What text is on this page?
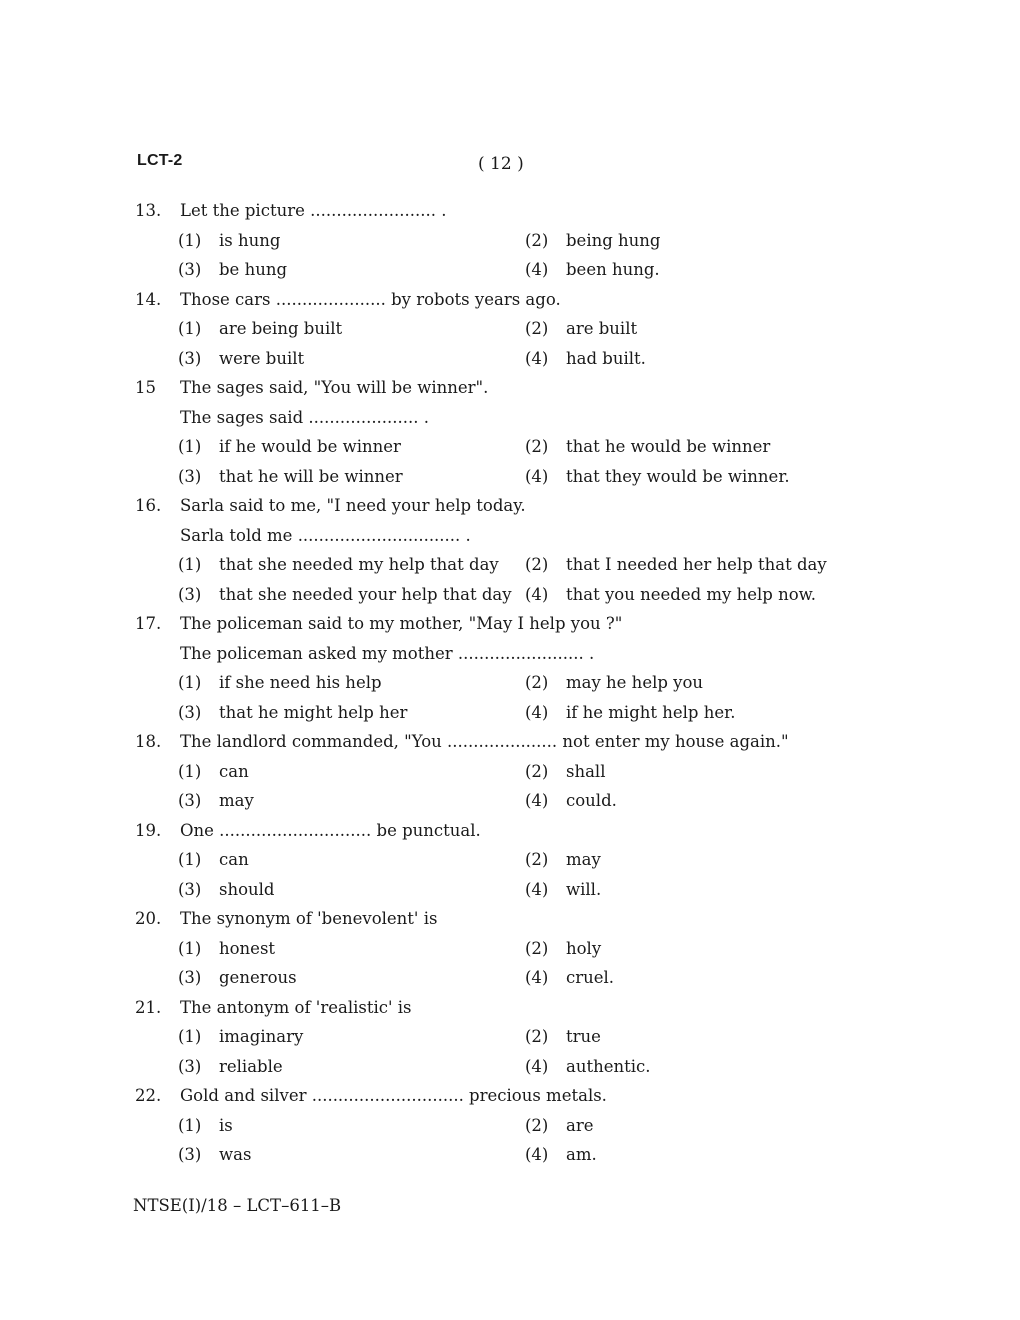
LCT-2	( 12 )
13.	Let the picture ........................ .
(1)	is hung	(2)	being hung
(3)	be hung	(4)	been hung.
14.	Those cars ..................... by robots years ago.
(1)	are being built	(2)	are built
(3)	were built	(4)	had built.
15	The sages said, "You will be winner".
The sages said ..................... .
(1)	if he would be winner	(2)	that he would be winner
(3)	that he will be winner	(4)	that they would be winner.
16.	Sarla said to me, "I need your help today.
Sarla told me ............................... .
(1)	that she needed my help that day (2)	that I needed her help that day
(3)	that she needed your help that day (4)	that you needed my help now.
17.	The policeman said to my mother, "May I help you ?"
The policeman asked my mother ........................ .
(1)	if she need his help	(2)	may he help you
(3)	that he might help her	(4)	if he might help her.
18.	The landlord commanded, "You ..................... not enter my house again."
(1)	can	(2)	shall
(3)	may	(4)	could.
19.	One ............................. be punctual.
(1)	can	(2)	may
(3)	should	(4)	will.
20.	The synonym of 'benevolent' is
(1)	honest	(2)	holy
(3)	generous	(4)	cruel.
21.	The antonym of 'realistic' is
(1)	imaginary	(2)	true
(3)	reliable	(4)	authentic.
22.	Gold and silver ............................. precious metals.
(1)	is	(2)	are
(3)	was	(4)	am.
NTSE(I)/18 – LCT–611–B
